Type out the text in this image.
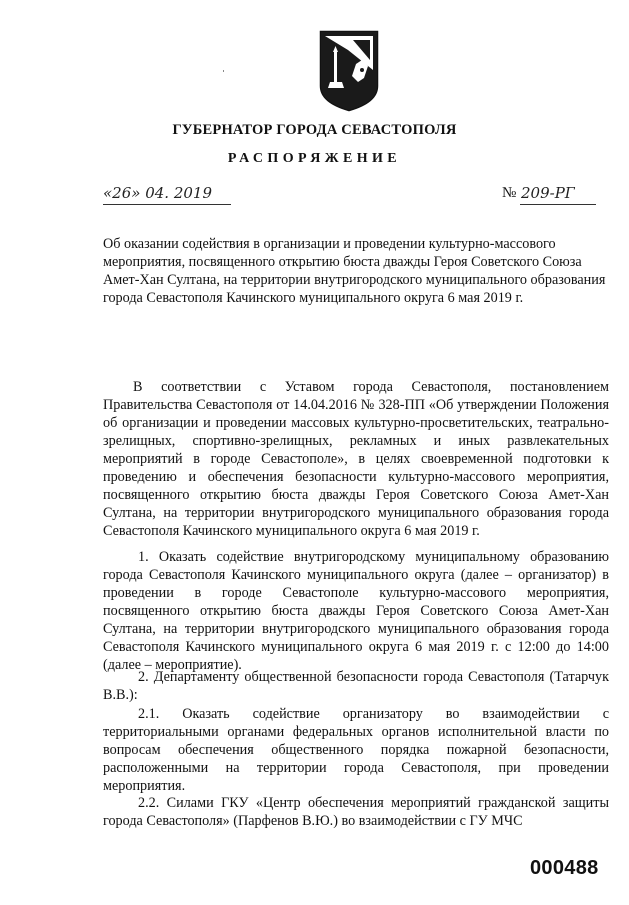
ГУБЕРНАТОР ГОРОДА СЕВАСТОПОЛЯ
РАСПОРЯЖЕНИЕ
«26» 04. 2019	№ 209-РГ
Об оказании содействия в организации и проведении культурно-массового мероприятия, посвященного открытию бюста дважды Героя Советского Союза Амет-Хан Султана, на территории внутригородского муниципального образования города Севастополя Качинского муниципального округа 6 мая 2019 г.
В соответствии с Уставом города Севастополя, постановлением Правительства Севастополя от 14.04.2016 № 328-ПП «Об утверждении Положения об организации и проведении массовых культурно-просветительских, театрально-зрелищных, спортивно-зрелищных, рекламных и иных развлекательных мероприятий в городе Севастополе», в целях своевременной подготовки к проведению и обеспечения безопасности культурно-массового мероприятия, посвященного открытию бюста дважды Героя Советского Союза Амет-Хан Султана, на территории внутригородского муниципального образования города Севастополя Качинского муниципального округа 6 мая 2019 г.
1. Оказать содействие внутригородскому муниципальному образованию города Севастополя Качинского муниципального округа (далее – организатор) в проведении в городе Севастополе культурно-массового мероприятия, посвященного открытию бюста дважды Героя Советского Союза Амет-Хан Султана, на территории внутригородского муниципального образования города Севастополя Качинского муниципального округа 6 мая 2019 г. с 12:00 до 14:00 (далее – мероприятие).
2. Департаменту общественной безопасности города Севастополя (Татарчук В.В.):
2.1. Оказать содействие организатору во взаимодействии с территориальными органами федеральных органов исполнительной власти по вопросам обеспечения общественного порядка пожарной безопасности, расположенными на территории города Севастополя, при проведении мероприятия.
2.2. Силами ГКУ «Центр обеспечения мероприятий гражданской защиты города Севастополя» (Парфенов В.Ю.) во взаимодействии с ГУ МЧС
000488
